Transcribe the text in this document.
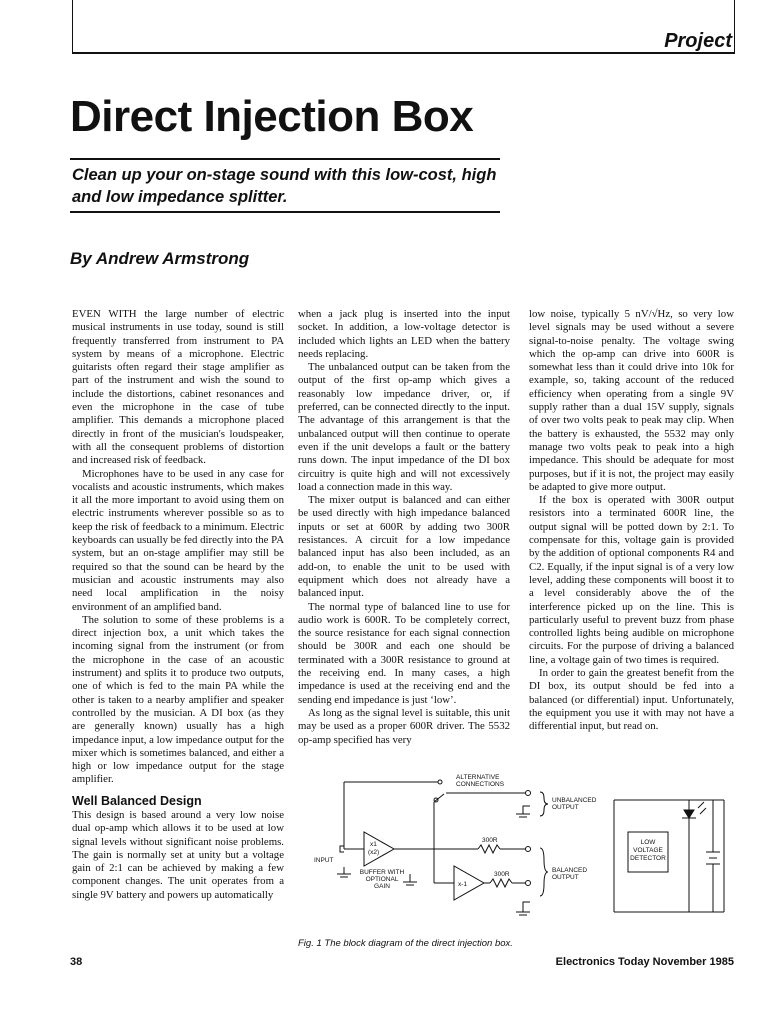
Project
Direct Injection Box
Clean up your on-stage sound with this low-cost, high and low impedance splitter.
By Andrew Armstrong

EVEN WITH the large number of electric musical instruments in use today, sound is still frequently transferred from instrument to PA system by means of a microphone. Electric guitarists often regard their stage amplifier as part of the instrument and wish the sound to include the distortions, cabinet resonances and even the microphone in the case of tube amplifier. This demands a microphone placed directly in front of the musician's loudspeaker, with all the consequent problems of distortion and increased risk of feedback.

Microphones have to be used in any case for vocalists and acoustic instruments, which makes it all the more important to avoid using them on electric instruments wherever possible so as to keep the risk of feedback to a minimum. Electric keyboards can usually be fed directly into the PA system, but an on-stage amplifier may still be required so that the sound can be heard by the musician and acoustic instruments may also need local amplification in the noisy environment of an amplified band.

The solution to some of these problems is a direct injection box, a unit which takes the incoming signal from the instrument (or from the microphone in the case of an acoustic instrument) and splits it to produce two outputs, one of which is fed to the main PA while the other is taken to a nearby amplifier and speaker controlled by the musician. A DI box (as they are generally known) usually has a high impedance input, a low impedance output for the mixer which is sometimes balanced, and either a high or low impedance output for the stage amplifier.

Well Balanced Design

This design is based around a very low noise dual op-amp which allows it to be used at low signal levels without significant noise problems. The gain is normally set at unity but a voltage gain of 2:1 can be achieved by making a few component changes. The unit operates from a single 9V battery and powers up automatically

when a jack plug is inserted into the input socket. In addition, a low-voltage detector is included which lights an LED when the battery needs replacing.

The unbalanced output can be taken from the output of the first op-amp which gives a reasonably low impedance driver, or, if preferred, can be connected directly to the input. The advantage of this arrangement is that the unbalanced output will then continue to operate even if the unit develops a fault or the battery runs down. The input impedance of the DI box circuitry is quite high and will not excessively load a connection made in this way.

The mixer output is balanced and can either be used directly with high impedance balanced inputs or set at 600R by adding two 300R resistances. A circuit for a low impedance balanced input has also been included, as an add-on, to enable the unit to be used with equipment which does not already have a balanced input.

The normal type of balanced line to use for audio work is 600R. To be completely correct, the source resistance for each signal connection should be 300R and each one should be terminated with a 300R resistance to ground at the receiving end. In many cases, a high impedance is used at the receiving end and the sending end impedance is just ‘low’.

As long as the signal level is suitable, this unit may be used as a proper 600R driver. The 5532 op-amp specified has very

low noise, typically 5 nV/√Hz, so very low level signals may be used without a severe signal-to-noise penalty. The voltage swing which the op-amp can drive into 600R is somewhat less than it could drive into 10k for example, so, taking account of the reduced efficiency when operating from a single 9V supply rather than a dual 15V supply, signals of over two volts peak to peak may clip. When the battery is exhausted, the 5532 may only manage two volts peak to peak into a high impedance. This should be adequate for most purposes, but if it is not, the project may easily be adapted to give more output.

If the box is operated with 300R output resistors into a terminated 600R line, the output signal will be potted down by 2:1. To compensate for this, voltage gain is provided by the addition of optional components R4 and C2. Equally, if the input signal is of a very low level, adding these components will boost it to a level considerably above the of the interference picked up on the line. This is particularly useful to prevent buzz from phase controlled lights being audible on microphone circuits. For the purpose of driving a balanced line, a voltage gain of two times is required.

In order to gain the greatest benefit from the DI box, its output should be fed into a balanced (or differential) input. Unfortunately, the equipment you use it with may not have a differential input, but read on.

ALTERNATIVE
CONNECTIONS
UNBALANCED
OUTPUT
INPUT
x1
(x2)
BUFFER WITH
OPTIONAL
GAIN
300R
300R
x-1
BALANCED
OUTPUT
LOW
VOLTAGE
DETECTOR
Fig. 1 The block diagram of the direct injection box.
38	Electronics Today November 1985
